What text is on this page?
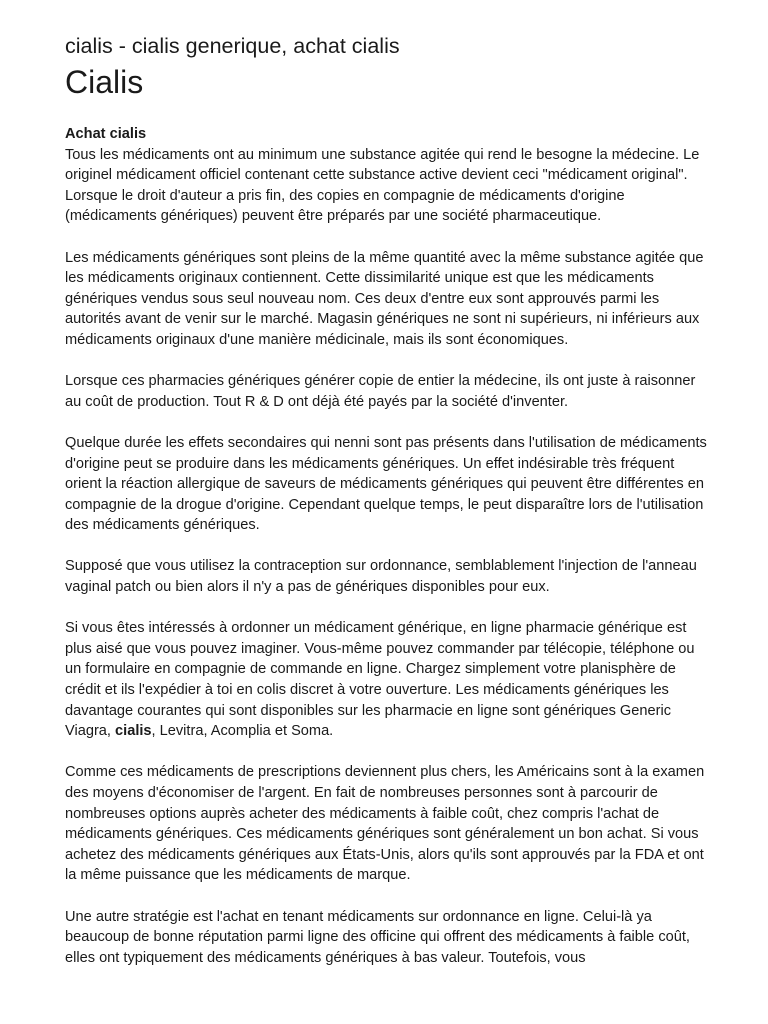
cialis - cialis generique, achat cialis
Cialis
Achat cialis

Tous les médicaments ont au minimum une substance agitée qui rend le besogne la médecine. Le originel médicament officiel contenant cette substance active devient ceci "médicament original". Lorsque le droit d'auteur a pris fin, des copies en compagnie de médicaments d'origine (médicaments génériques) peuvent être préparés par une société pharmaceutique.

Les médicaments génériques sont pleins de la même quantité avec la même substance agitée que les médicaments originaux contiennent. Cette dissimilarité unique est que les médicaments génériques vendus sous seul nouveau nom. Ces deux d'entre eux sont approuvés parmi les autorités avant de venir sur le marché. Magasin génériques ne sont ni supérieurs, ni inférieurs aux médicaments originaux d'une manière médicinale, mais ils sont économiques.

Lorsque ces pharmacies génériques générer copie de entier la médecine, ils ont juste à raisonner au coût de production. Tout R & D ont déjà été payés par la société d'inventer.

Quelque durée les effets secondaires qui nenni sont pas présents dans l'utilisation de médicaments d'origine peut se produire dans les médicaments génériques. Un effet indésirable très fréquent orient la réaction allergique de saveurs de médicaments génériques qui peuvent être différentes en compagnie de la drogue d'origine. Cependant quelque temps, le peut disparaître lors de l'utilisation des médicaments génériques.

Supposé que vous utilisez la contraception sur ordonnance, semblablement l'injection de l'anneau vaginal patch ou bien alors il n'y a pas de génériques disponibles pour eux.

Si vous êtes intéressés à ordonner un médicament générique, en ligne pharmacie générique est plus aisé que vous pouvez imaginer. Vous-même pouvez commander par télécopie, téléphone ou un formulaire en compagnie de commande en ligne. Chargez simplement votre planisphère de crédit et ils l'expédier à toi en colis discret à votre ouverture. Les médicaments génériques les davantage courantes qui sont disponibles sur les pharmacie en ligne sont génériques Generic Viagra, cialis, Levitra, Acomplia et Soma.

Comme ces médicaments de prescriptions deviennent plus chers, les Américains sont à la examen des moyens d'économiser de l'argent. En fait de nombreuses personnes sont à parcourir de nombreuses options auprès acheter des médicaments à faible coût, chez compris l'achat de médicaments génériques. Ces médicaments génériques sont généralement un bon achat. Si vous achetez des médicaments génériques aux États-Unis, alors qu'ils sont approuvés par la FDA et ont la même puissance que les médicaments de marque.

Une autre stratégie est l'achat en tenant médicaments sur ordonnance en ligne. Celui-là ya beaucoup de bonne réputation parmi ligne des officine qui offrent des médicaments à faible coût, elles ont typiquement des médicaments génériques à bas valeur. Toutefois, vous
